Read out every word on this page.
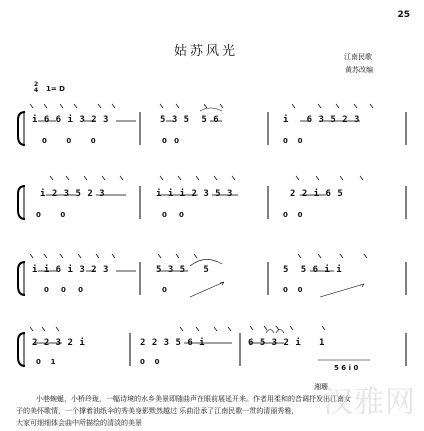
25
姑苏风光	江南民歌
黄苏改编
2
4 1= D
i 6 6 i 3 2 3	5 3 5  5 6	i   6 3 5 2 3
0        0        0	0   0	0    0
i 2 3 5 2 3	i i i 2 3 5 3	2 2 i 6 5
0        0	0     0	0    0
i i 6 i 3 2 3	5 3 5   5	5  5 6 i i
0     0     0	0	0    0
2 2 3 2 i	2 2 3 5 6 i	6 5 3 2 i   1
0    1	0    0
5 6 i 0
湘珊
小巷蜿蜒，小桥玲珑，一幅诗境的水乡美景即随曲声在眼前展延开来。作者用柔和的音调抒发出江南女
子的美怀歌情，一个撑着油纸伞的秀美身影默然越过 乐曲沿承了江南民歌一贯的清丽秀雅，
大家可细细体会曲中所描绘的清淡的美景
汉雅网
